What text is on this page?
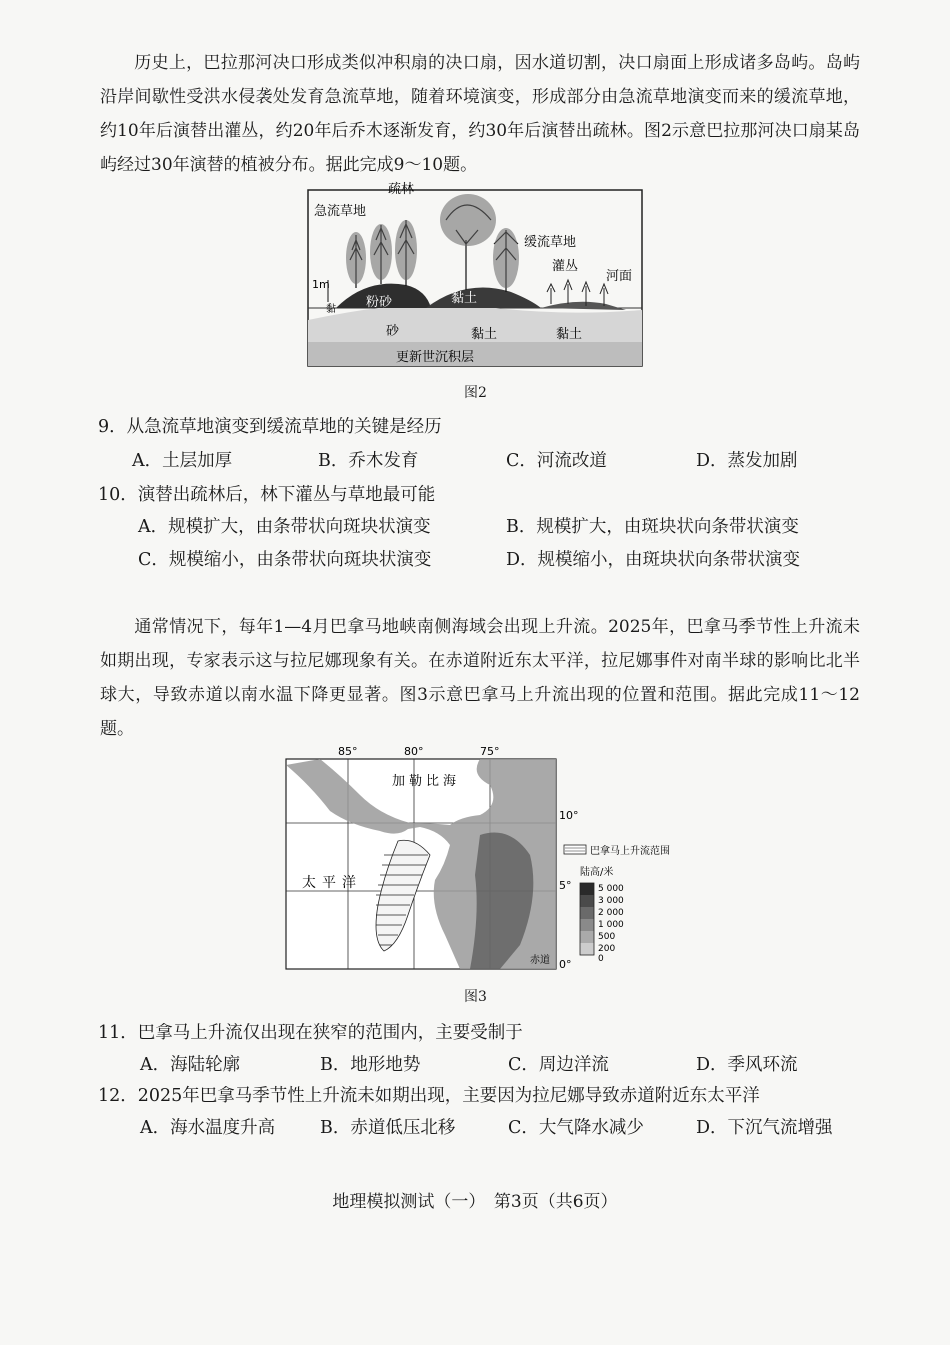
历史上，巴拉那河决口形成类似冲积扇的决口扇，因水道切割，决口扇面上形成诸多岛屿。岛屿沿岸间歇性受洪水侵袭处发育急流草地，随着环境演变，形成部分由急流草地演变而来的缓流草地，约10年后演替出灌丛，约20年后乔木逐渐发育，约30年后演替出疏林。图2示意巴拉那河决口扇某岛屿经过30年演替的植被分布。据此完成9～10题。
1m
黏
疏林
急流草地
缓流草地
灌丛
河面
粉砂	黏土
砂	黏土	黏土
更新世沉积层
图2
9．从急流草地演变到缓流草地的关键是经历
A．土层加厚	B．乔木发育	C．河流改道	D．蒸发加剧
10．演替出疏林后，林下灌丛与草地最可能
A．规模扩大，由条带状向斑块状演变	B．规模扩大，由斑块状向条带状演变
C．规模缩小，由条带状向斑块状演变	D．规模缩小，由斑块状向条带状演变
通常情况下，每年1—4月巴拿马地峡南侧海域会出现上升流。2025年，巴拿马季节性上升流未如期出现，专家表示这与拉尼娜现象有关。在赤道附近东太平洋，拉尼娜事件对南半球的影响比北半球大，导致赤道以南水温下降更显著。图3示意巴拿马上升流出现的位置和范围。据此完成11～12题。
85°	80°	75°
10°
5°
0°
加勒比海
太平洋
赤道
巴拿马上升流范围
陆高/米
5 000
3 000
2 000
1 000
500
200
0
图3
11．巴拿马上升流仅出现在狭窄的范围内，主要受制于
A．海陆轮廓	B．地形地势	C．周边洋流	D．季风环流
12．2025年巴拿马季节性上升流未如期出现，主要因为拉尼娜导致赤道附近东太平洋
A．海水温度升高	B．赤道低压北移	C．大气降水减少	D．下沉气流增强
地理模拟测试（一）　第3页（共6页）
